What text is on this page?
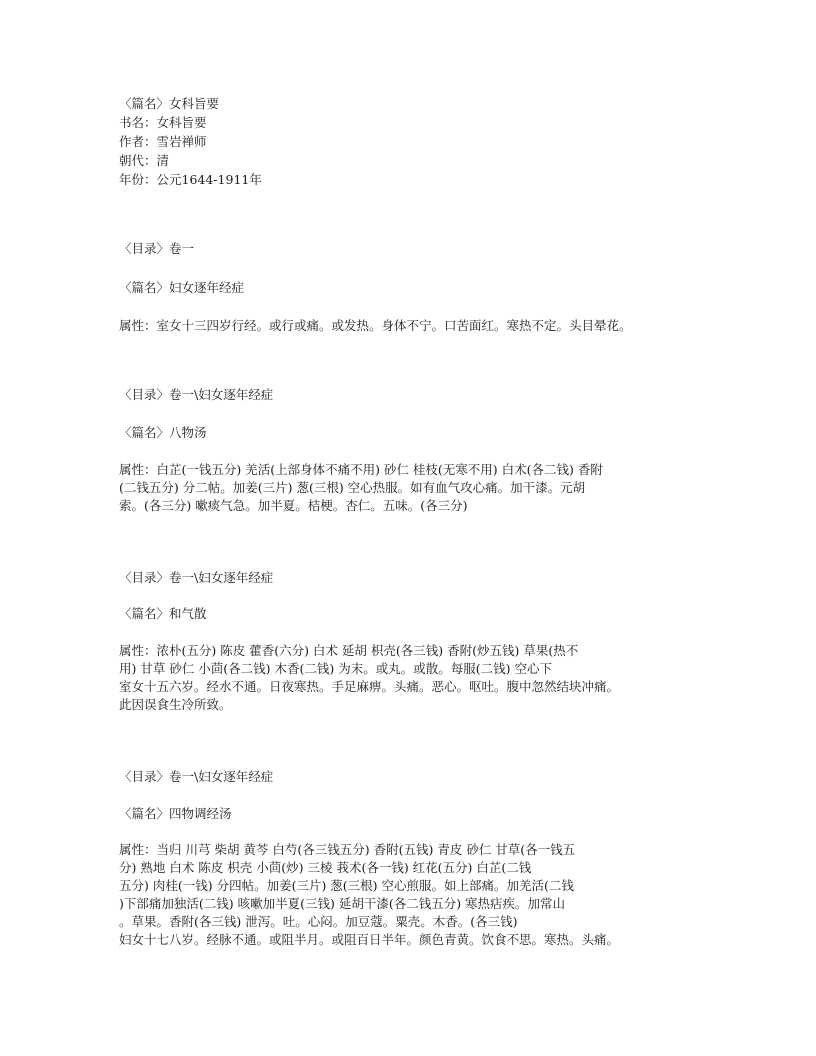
〈篇名〉女科旨要
书名：女科旨要
作者：雪岩禅师
朝代：清
年份：公元1644-1911年
〈目录〉卷一
〈篇名〉妇女逐年经症
属性：室女十三四岁行经。或行或痛。或发热。身体不宁。口苦面红。寒热不定。头目晕花。
〈目录〉卷一\妇女逐年经症
〈篇名〉八物汤
属性：白芷(一钱五分) 羌活(上部身体不痛不用) 砂仁 桂枝(无寒不用) 白术(各二钱) 香附
(二钱五分) 分二帖。加姜(三片) 葱(三根) 空心热服。如有血气攻心痛。加干漆。元胡
索。(各三分) 嗽痰气急。加半夏。桔梗。杏仁。五味。(各三分)
〈目录〉卷一\妇女逐年经症
〈篇名〉和气散
属性：浓朴(五分) 陈皮 藿香(六分) 白术 延胡 枳壳(各三钱) 香附(炒五钱) 草果(热不
用) 甘草 砂仁 小茴(各二钱) 木香(二钱) 为末。或丸。或散。每服(二钱) 空心下
室女十五六岁。经水不通。日夜寒热。手足麻痹。头痛。恶心。呕吐。腹中忽然结块冲痛。
此因误食生冷所致。
〈目录〉卷一\妇女逐年经症
〈篇名〉四物调经汤
属性：当归 川芎 柴胡 黄芩 白芍(各三钱五分) 香附(五钱) 青皮 砂仁 甘草(各一钱五
分) 熟地 白术 陈皮 枳壳 小茴(炒) 三棱 莪术(各一钱) 红花(五分) 白芷(二钱
五分) 肉桂(一钱) 分四帖。加姜(三片) 葱(三根) 空心煎服。如上部痛。加羌活(二钱
)下部痛加独活(二钱) 咳嗽加半夏(三钱) 延胡干漆(各二钱五分) 寒热痁疾。加常山
。草果。香附(各三钱) 泄泻。吐。心闷。加豆蔻。粟壳。木香。(各三钱)
妇女十七八岁。经脉不通。或阻半月。或阻百日半年。颜色青黄。饮食不思。寒热。头痛。
